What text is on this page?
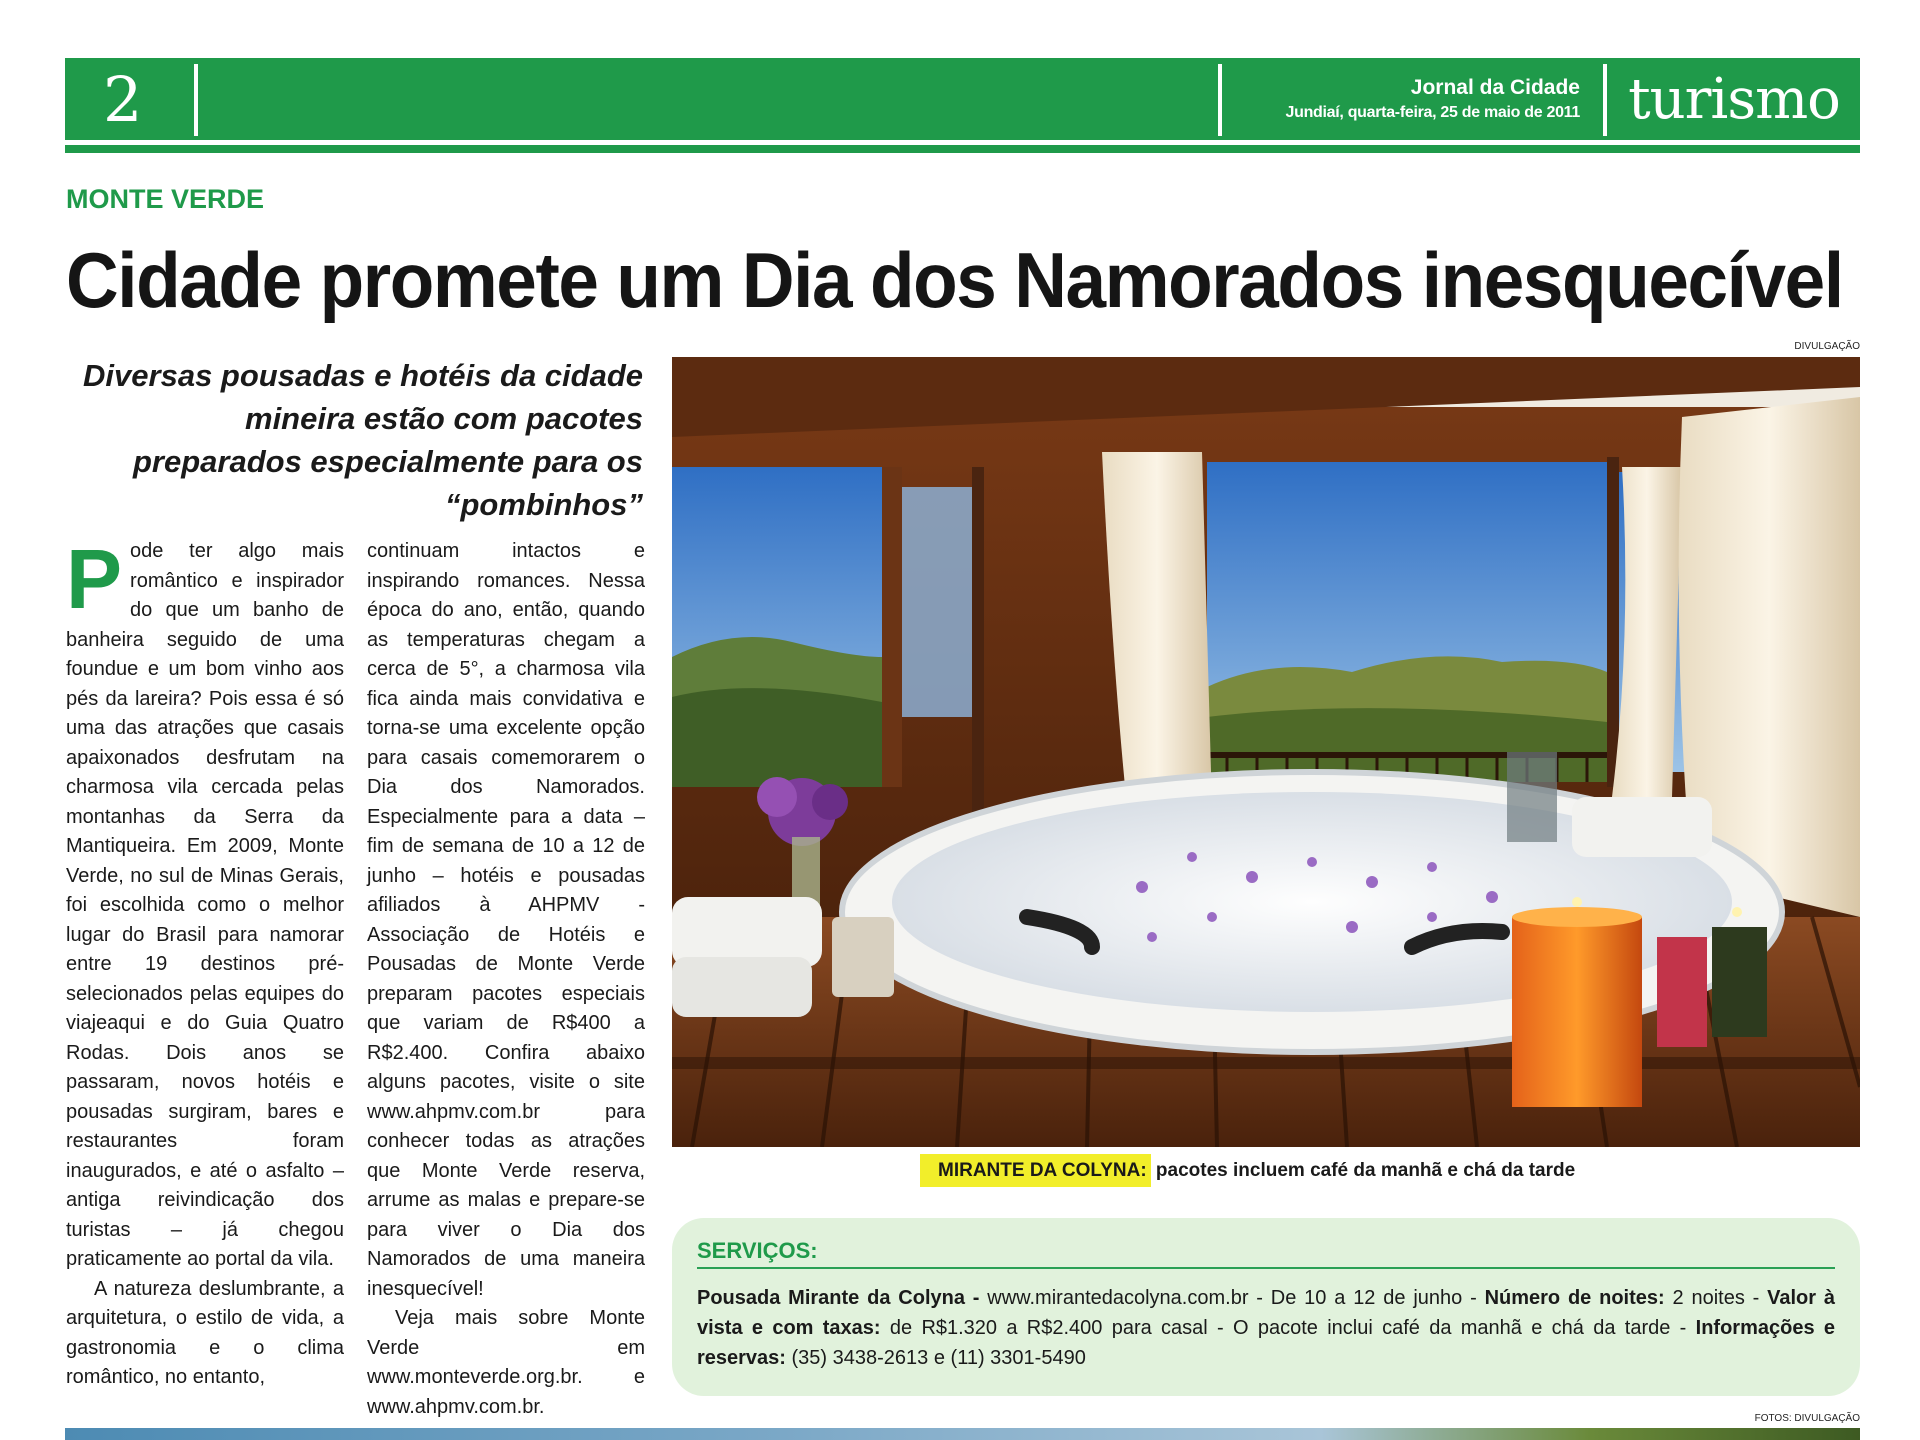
2	Jornal da Cidade
Jundiaí, quarta-feira, 25 de maio de 2011 turismo
MONTE VERDE
Cidade promete um Dia dos Namorados inesquecível
DIVULGAÇÃO
Diversas pousadas e hotéis da cidade mineira estão com pacotes preparados especialmente para os “pombinhos”

Pode ter algo mais romântico e inspirador do que um banho de banheira seguido de uma foundue e um bom vinho aos pés da lareira? Pois essa é só uma das atrações que casais apaixonados desfrutam na charmosa vila cercada pelas montanhas da Serra da Mantiqueira. Em 2009, Monte Verde, no sul de Minas Gerais, foi escolhida como o melhor lugar do Brasil para namorar entre 19 destinos pré-selecionados pelas equipes do viajeaqui e do Guia Quatro Rodas. Dois anos se passaram, novos hotéis e pousadas surgiram, bares e restaurantes foram inaugurados, e até o asfalto – antiga reivindicação dos turistas – já chegou praticamente ao portal da vila.

A natureza deslumbrante, a arquitetura, o estilo de vida, a gastronomia e o clima romântico, no entanto,

continuam intactos e inspirando romances. Nessa época do ano, então, quando as temperaturas chegam a cerca de 5°, a charmosa vila fica ainda mais convidativa e torna-se uma excelente opção para casais comemorarem o Dia dos Namorados. Especialmente para a data – fim de semana de 10 a 12 de junho – hotéis e pousadas afiliados à AHPMV - Associação de Hotéis e Pousadas de Monte Verde preparam pacotes especiais que variam de R$400 a R$2.400. Confira abaixo alguns pacotes, visite o site www.ahpmv.com.br para conhecer todas as atrações que Monte Verde reserva, arrume as malas e prepare-se para viver o Dia dos Namorados de uma maneira inesquecível!

Veja mais sobre Monte Verde em www.monteverde.org.br. e www.ahpmv.com.br.

MIRANTE DA COLYNA: pacotes incluem café da manhã e chá da tarde
SERVIÇOS:
Pousada Mirante da Colyna - www.mirantedacolyna.com.br - De 10 a 12 de junho - Número de noites: 2 noites - Valor à vista e com taxas: de R$1.320 a R$2.400 para casal - O pacote inclui café da manhã e chá da tarde - Informações e reservas: (35) 3438-2613 e (11) 3301-5490
FOTOS: DIVULGAÇÃO
